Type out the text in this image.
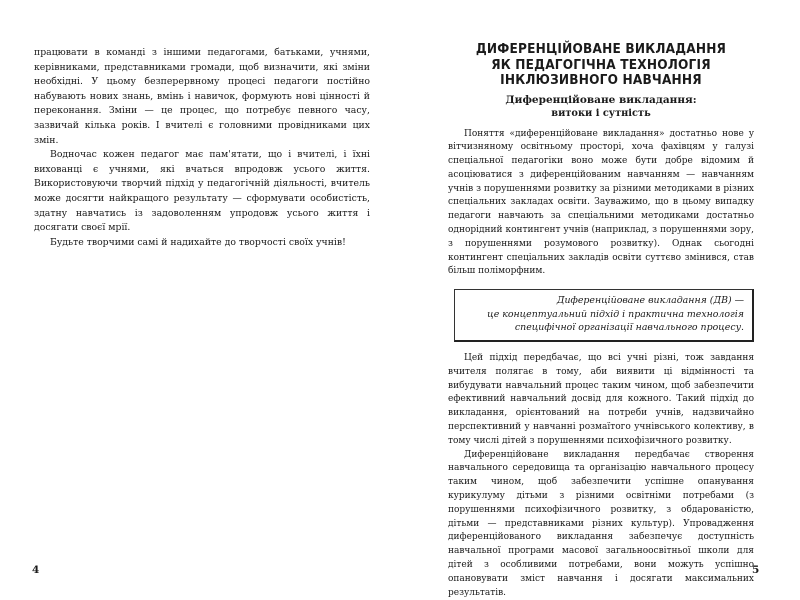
працювати в команді з іншими педагогами, батьками, учнями, керівниками, представниками громади, щоб визначити, які зміни необхідні. У цьому безперервному процесі педагоги постійно набувають нових знань, вмінь і навичок, формують нові цінності й переконання. Зміни — це процес, що потребує певного часу, зазвичай кілька років. І вчителі є головними провідниками цих змін.

Водночас кожен педагог має пам'ятати, що і вчителі, і їхні вихованці є учнями, які вчаться впродовж усього життя. Використовуючи творчий підхід у педагогічній діяльності, вчитель може досягти найкращого результату — сформувати особистість, здатну навчатись із задоволенням упродовж усього життя і досягати своєї мрії.

Будьте творчими самі й надихайте до творчості своїх учнів!

4
ДИФЕРЕНЦІЙОВАНЕ ВИКЛАДАННЯ
ЯК ПЕДАГОГІЧНА ТЕХНОЛОГІЯ
ІНКЛЮЗИВНОГО НАВЧАННЯ
Диференційоване викладання:
витоки і сутність

Поняття «диференційоване викладання» достатньо нове у вітчизняному освітньому просторі, хоча фахівцям у галузі спеціальної педагогіки воно може бути добре відомим й асоціюватися з диференційованим навчанням — навчанням учнів з порушеннями розвитку за різними методиками в різних спеціальних закладах освіти. Зауважимо, що в цьому випадку педагоги навчають за спеціальними методиками достатньо однорідний контингент учнів (наприклад, з порушеннями зору, з порушеннями розумового розвитку). Однак сьогодні контингент спеціальних закладів освіти суттєво змінився, став більш поліморфним.

Диференційоване викладання (ДВ) —
це концептуальний підхід і практична технологія
специфічної організації навчального процесу.

Цей підхід передбачає, що всі учні різні, тож завдання вчителя полягає в тому, аби виявити ці відмінності та вибудувати навчальний процес таким чином, щоб забезпечити ефективний навчальний досвід для кожного. Такий підхід до викладання, орієнтований на потреби учнів, надзвичайно перспективний у навчанні розмаїтого учнівського колективу, в тому числі дітей з порушеннями психофізичного розвитку.

Диференційоване викладання передбачає створення навчального середовища та організацію навчального процесу таким чином, щоб забезпечити успішне опанування курикулуму дітьми з різними освітніми потребами (з порушеннями психофізичного розвитку, з обдарованістю, дітьми — представниками різних культур). Упровадження диференційованого викладання забезпечує доступність навчальної програми масової загальноосвітньої школи для дітей з особливими потребами, вони можуть успішно опановувати зміст навчання і досягати максимальних результатів.

5
